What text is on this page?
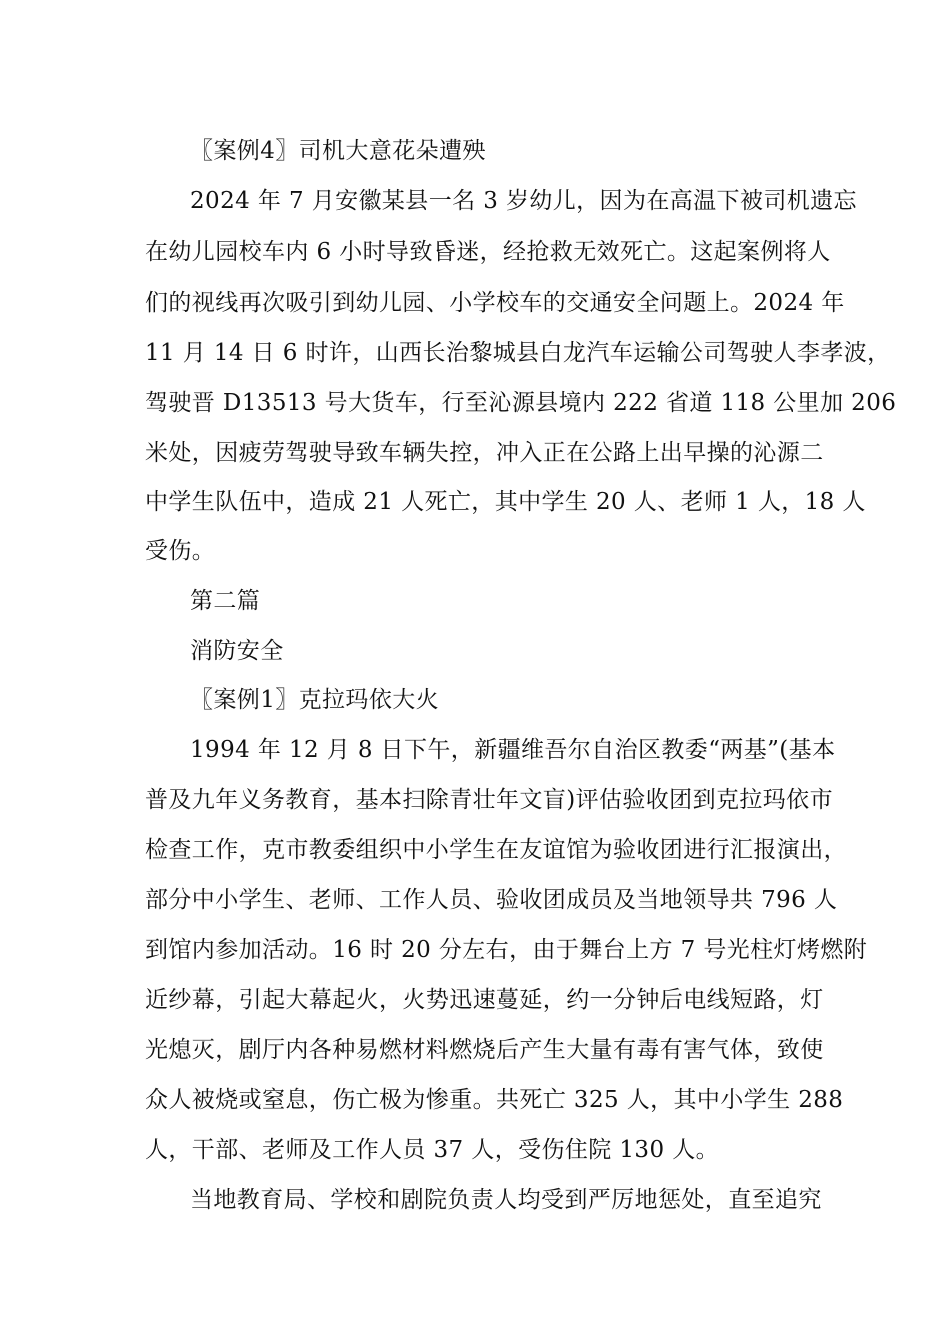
〖案例4〗司机大意花朵遭殃
2024 年 7 月安徽某县一名 3 岁幼儿，因为在高温下被司机遗忘
在幼儿园校车内 6 小时导致昏迷，经抢救无效死亡。这起案例将人
们的视线再次吸引到幼儿园、小学校车的交通安全问题上。2024 年
11 月 14 日 6 时许，山西长治黎城县白龙汽车运输公司驾驶人李孝波，
驾驶晋 D13513 号大货车，行至沁源县境内 222 省道 118 公里加 206
米处，因疲劳驾驶导致车辆失控，冲入正在公路上出早操的沁源二
中学生队伍中，造成 21 人死亡，其中学生 20 人、老师 1 人，18 人
受伤。
第二篇
消防安全
〖案例1〗克拉玛依大火
1994 年 12 月 8 日下午，新疆维吾尔自治区教委“两基”(基本
普及九年义务教育，基本扫除青壮年文盲)评估验收团到克拉玛依市
检查工作，克市教委组织中小学生在友谊馆为验收团进行汇报演出，
部分中小学生、老师、工作人员、验收团成员及当地领导共 796 人
到馆内参加活动。16 时 20 分左右，由于舞台上方 7 号光柱灯烤燃附
近纱幕，引起大幕起火，火势迅速蔓延，约一分钟后电线短路，灯
光熄灭，剧厅内各种易燃材料燃烧后产生大量有毒有害气体，致使
众人被烧或窒息，伤亡极为惨重。共死亡 325 人，其中小学生 288
人，干部、老师及工作人员 37 人，受伤住院 130 人。
当地教育局、学校和剧院负责人均受到严厉地惩处，直至追究
